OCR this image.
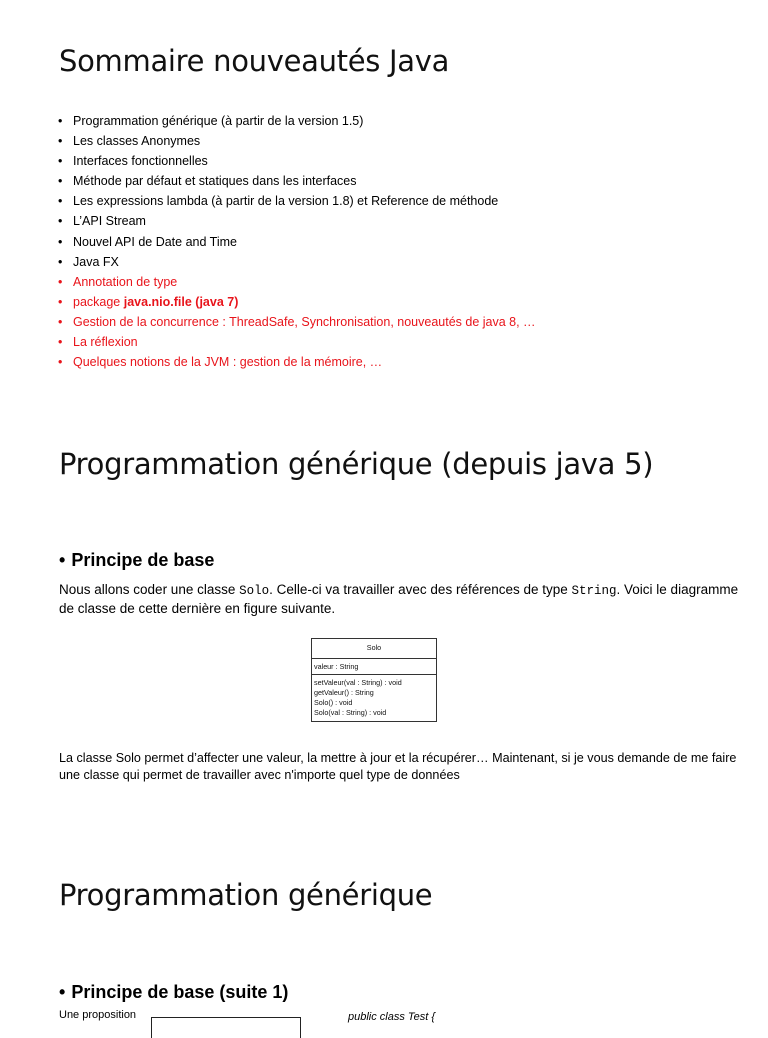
Sommaire nouveautés Java
• Programmation générique (à partir de la version 1.5)
• Les classes Anonymes
• Interfaces fonctionnelles
• Méthode par défaut et statiques dans les interfaces
• Les expressions lambda (à partir de la version 1.8) et Reference de méthode
• L’API Stream
• Nouvel API de Date and Time
• Java FX
• Annotation de type
• package java.nio.file (java 7)
• Gestion de la concurrence : ThreadSafe, Synchronisation, nouveautés de java 8, …
• La réflexion
• Quelques notions de la JVM : gestion de la mémoire, …
Programmation générique (depuis java 5)
• Principe de base

Nous allons coder une classe Solo. Celle-ci va travailler avec des références de type String. Voici le diagramme de classe de cette dernière en figure suivante.

Solo
valeur : String
setValeur(val : String) : void
getValeur() : String
Solo() : void
Solo(val : String) : void

La classe Solo permet d’affecter une valeur, la mettre à jour et la récupérer… Maintenant, si je vous demande de me faire une classe qui permet de travailler avec n'importe quel type de données

Programmation générique
• Principe de base (suite 1)
Une proposition	public class Test {
